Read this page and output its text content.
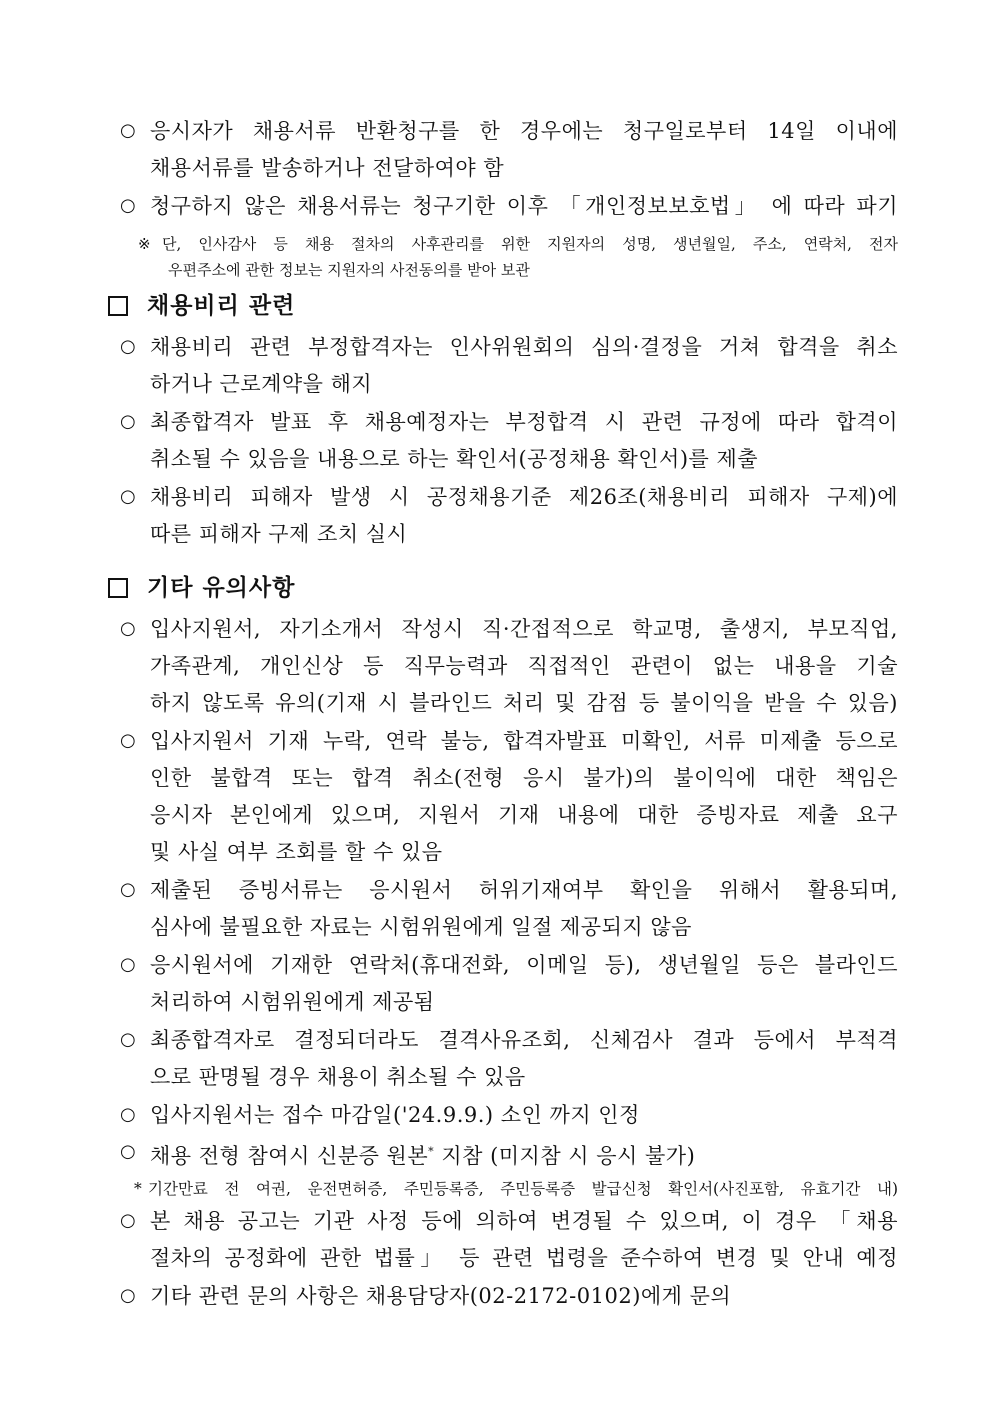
○ 응시자가 채용서류 반환청구를 한 경우에는 청구일로부터 14일 이내에
채용서류를 발송하거나 전달하여야 함
○ 청구하지 않은 채용서류는 청구기한 이후 「개인정보보호법」 에 따라 파기
※ 단, 인사감사 등 채용 절차의 사후관리를 위한 지원자의 성명, 생년월일, 주소, 연락처, 전자
우편주소에 관한 정보는 지원자의 사전동의를 받아 보관
채용비리 관련
○ 채용비리 관련 부정합격자는 인사위원회의 심의·결정을 거쳐 합격을 취소
하거나 근로계약을 해지
○ 최종합격자 발표 후 채용예정자는 부정합격 시 관련 규정에 따라 합격이
취소될 수 있음을 내용으로 하는 확인서(공정채용 확인서)를 제출
○ 채용비리 피해자 발생 시 공정채용기준 제26조(채용비리 피해자 구제)에
따른 피해자 구제 조치 실시
기타 유의사항
○ 입사지원서, 자기소개서 작성시 직·간접적으로 학교명, 출생지, 부모직업,
가족관계, 개인신상 등 직무능력과 직접적인 관련이 없는 내용을 기술
하지 않도록 유의(기재 시 블라인드 처리 및 감점 등 불이익을 받을 수 있음)
○ 입사지원서 기재 누락, 연락 불능, 합격자발표 미확인, 서류 미제출 등으로
인한 불합격 또는 합격 취소(전형 응시 불가)의 불이익에 대한 책임은
응시자 본인에게 있으며, 지원서 기재 내용에 대한 증빙자료 제출 요구
및 사실 여부 조회를 할 수 있음
○ 제출된 증빙서류는 응시원서 허위기재여부 확인을 위해서 활용되며,
심사에 불필요한 자료는 시험위원에게 일절 제공되지 않음
○ 응시원서에 기재한 연락처(휴대전화, 이메일 등), 생년월일 등은 블라인드
처리하여 시험위원에게 제공됨
○ 최종합격자로 결정되더라도 결격사유조회, 신체검사 결과 등에서 부적격
으로 판명될 경우 채용이 취소될 수 있음
○ 입사지원서는 접수 마감일('24.9.9.) 소인 까지 인정
○ 채용 전형 참여시 신분증 원본* 지참 (미지참 시 응시 불가)
* 기간만료 전 여권, 운전면허증, 주민등록증, 주민등록증 발급신청 확인서(사진포함, 유효기간 내)
○ 본 채용 공고는 기관 사정 등에 의하여 변경될 수 있으며, 이 경우 「채용
절차의 공정화에 관한 법률」 등 관련 법령을 준수하여 변경 및 안내 예정
○ 기타 관련 문의 사항은 채용담당자(02-2172-0102)에게 문의
